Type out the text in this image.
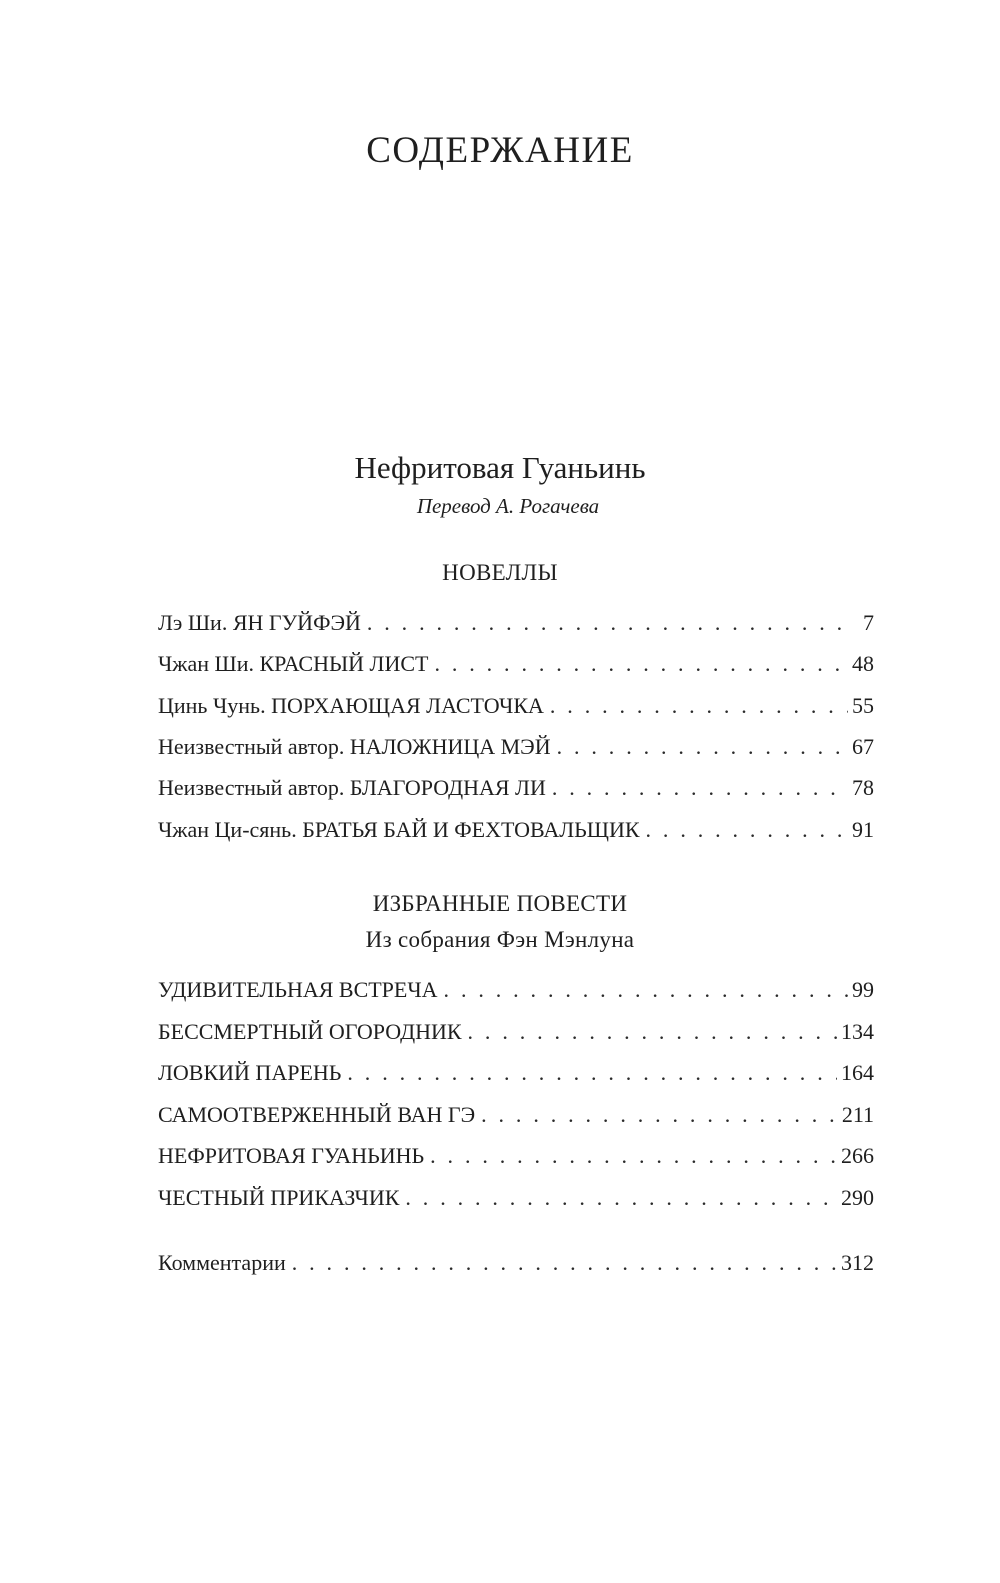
СОДЕРЖАНИЕ
Нефритовая Гуаньинь
Перевод А. Рогачева
НОВЕЛЛЫ
Лэ Ши. ЯН ГУЙФЭЙ . . .	7
Чжан Ши. КРАСНЫЙ ЛИСТ . . .	48
Цинь Чунь. ПОРХАЮЩАЯ ЛАСТОЧКА . . .	55
Неизвестный автор. НАЛОЖНИЦА МЭЙ . . .	67
Неизвестный автор. БЛАГОРОДНАЯ ЛИ . . .	78
Чжан Ци-сянь. БРАТЬЯ БАЙ И ФЕХТОВАЛЬЩИК . . .	91
ИЗБРАННЫЕ ПОВЕСТИ
Из собрания Фэн Мэнлуна
УДИВИТЕЛЬНАЯ ВСТРЕЧА . . .	99
БЕССМЕРТНЫЙ ОГОРОДНИК . . .	134
ЛОВКИЙ ПАРЕНЬ . . .	164
САМООТВЕРЖЕННЫЙ ВАН ГЭ . . .	211
НЕФРИТОВАЯ ГУАНЬИНЬ . . .	266
ЧЕСТНЫЙ ПРИКАЗЧИК . . .	290
Комментарии . . .	312
